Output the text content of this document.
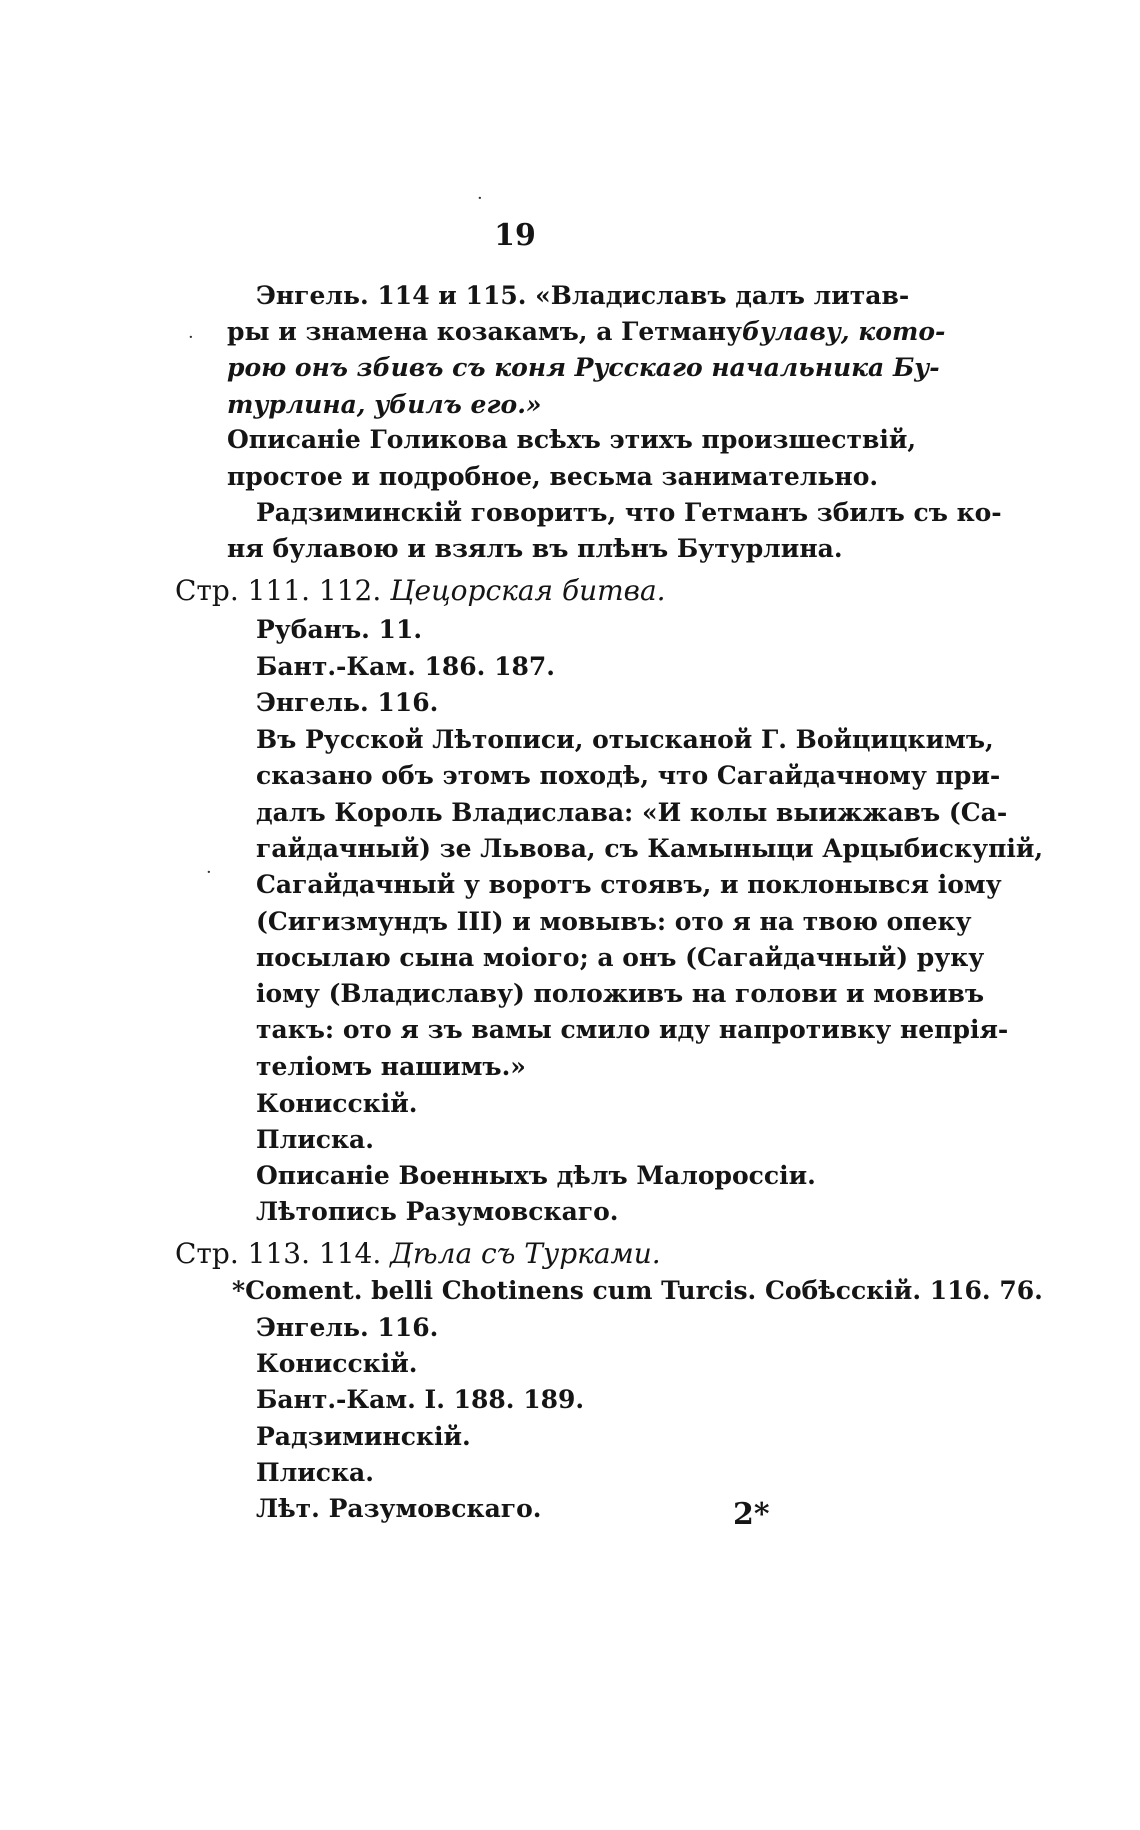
19
Энгель. 114 и 115. «Владиславъ далъ литав-
ры и знамена козакамъ, а Гетману булаву, кото-
рою онъ збивъ съ коня Русскаго начальника Бу-
турлина, убилъ его.»
Описаніе Голикова всѣхъ этихъ произшествій,
простое и подробное, весьма занимательно.
Радзиминскій говоритъ, что Гетманъ збилъ съ ко-
ня булавою и взялъ въ плѣнъ Бутурлина.
Стр. 111. 112. Цецорская битва.
Рубанъ. 11.
Бант.-Кам. 186. 187.
Энгель. 116.
Въ Русской Лѣтописи, отысканой Г. Войцицкимъ,
сказано объ этомъ походѣ, что Сагайдачному при-
далъ Король Владислава: «И колы выижжавъ (Са-
гайдачный) зе Львова, съ Камыныци Арцыбискупій,
Сагайдачный у воротъ стоявъ, и поклонывся іому
(Сигизмундъ III) и мовывъ: ото я на твою опеку
посылаю сына моіого; а онъ (Сагайдачный) руку
іому (Владиславу) положивъ на голови и мовивъ
такъ: ото я зъ вамы смило иду напротивку непрія-
теліомъ нашимъ.»
Конисскій.
Плиска.
Описаніе Военныхъ дѣлъ Малороссіи.
Лѣтопись Разумовскаго.
Стр. 113. 114. Дѣла съ Турками.
* Coment. belli Chotinens cum Turcis. Собѣсскій. 116. 76.
Энгель. 116.
Конисскій.
Бант.-Кам. I. 188. 189.
Радзиминскій.
Плиска.
Лѣт. Разумовскаго.	2*
·
·
·
